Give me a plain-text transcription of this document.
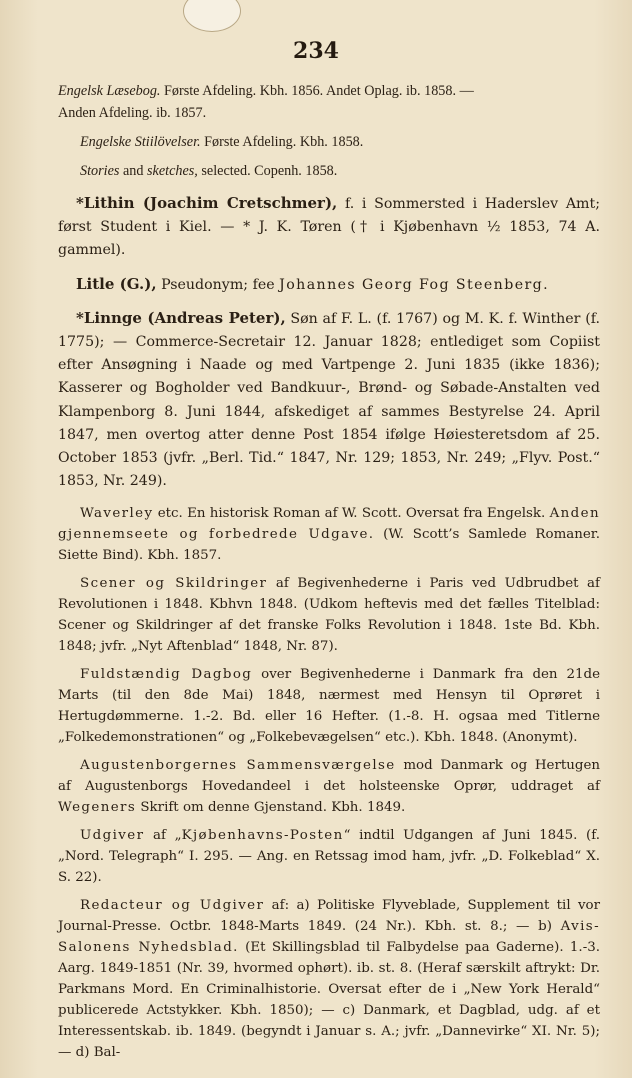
234

Engelsk Læsebog. Første Afdeling. Kbh. 1856. Andet Oplag. ib. 1858. —
Anden Afdeling. ib. 1857.

Engelske Stiilövelser. Første Afdeling. Kbh. 1858.

Stories and sketches, selected. Copenh. 1858.

*Lithin (Joachim Cretschmer), f. i Sommersted i Haderslev Amt; først Student i Kiel. — * J. K. Tøren († i Kjøbenhavn ½ 1853, 74 A. gammel).

Litle (G.), Pseudonym; fee Johannes Georg Fog Steenberg.

*Linnge (Andreas Peter), Søn af F. L. (f. 1767) og M. K. f. Winther (f. 1775); — Commerce-Secretair 12. Januar 1828; entlediget som Copiist efter Ansøgning i Naade og med Vartpenge 2. Juni 1835 (ikke 1836); Kasserer og Bogholder ved Bandkuur-, Brønd- og Søbade-Anstalten ved Klampenborg 8. Juni 1844, afskediget af sammes Bestyrelse 24. April 1847, men overtog atter denne Post 1854 ifølge Høiesteretsdom af 25. October 1853 (jvfr. „Berl. Tid.“ 1847, Nr. 129; 1853, Nr. 249; „Flyv. Post.“ 1853, Nr. 249).

Waverley etc. En historisk Roman af W. Scott. Oversat fra Engelsk. Anden gjennemseete og forbedrede Udgave. (W. Scott’s Samlede Romaner. Siette Bind). Kbh. 1857.

Scener og Skildringer af Begivenhederne i Paris ved Udbrudbet af Revolutionen i 1848. Kbhvn 1848. (Udkom heftevis med det fælles Titelblad: Scener og Skildringer af det franske Folks Revolution i 1848. 1ste Bd. Kbh. 1848; jvfr. „Nyt Aftenblad“ 1848, Nr. 87).

Fuldstændig Dagbog over Begivenhederne i Danmark fra den 21de Marts (til den 8de Mai) 1848, nærmest med Hensyn til Oprøret i Hertugdømmerne. 1.-2. Bd. eller 16 Hefter. (1.-8. H. ogsaa med Titlerne „Folkedemonstrationen“ og „Folkebevægelsen“ etc.). Kbh. 1848. (Anonymt).

Augustenborgernes Sammensværgelse mod Danmark og Hertugen af Augustenborgs Hovedandeel i det holsteenske Oprør, uddraget af Wegeners Skrift om denne Gjenstand. Kbh. 1849.

Udgiver af „Kjøbenhavns-Posten“ indtil Udgangen af Juni 1845. (f. „Nord. Telegraph“ I. 295. — Ang. en Retssag imod ham, jvfr. „D. Folkeblad“ X. S. 22).

Redacteur og Udgiver af: a) Politiske Flyveblade, Supplement til vor Journal-Presse. Octbr. 1848-Marts 1849. (24 Nr.). Kbh. st. 8.; — b) Avis-Salonens Nyhedsblad. (Et Skillingsblad til Falbydelse paa Gaderne). 1.-3. Aarg. 1849-1851 (Nr. 39, hvormed ophørt). ib. st. 8. (Heraf særskilt aftrykt: Dr. Parkmans Mord. En Criminalhistorie. Oversat efter de i „New York Herald“ publicerede Actstykker. Kbh. 1850); — c) Danmark, et Dagblad, udg. af et Interessentskab. ib. 1849. (begyndt i Januar s. A.; jvfr. „Dannevirke“ XI. Nr. 5); — d) Bal-
